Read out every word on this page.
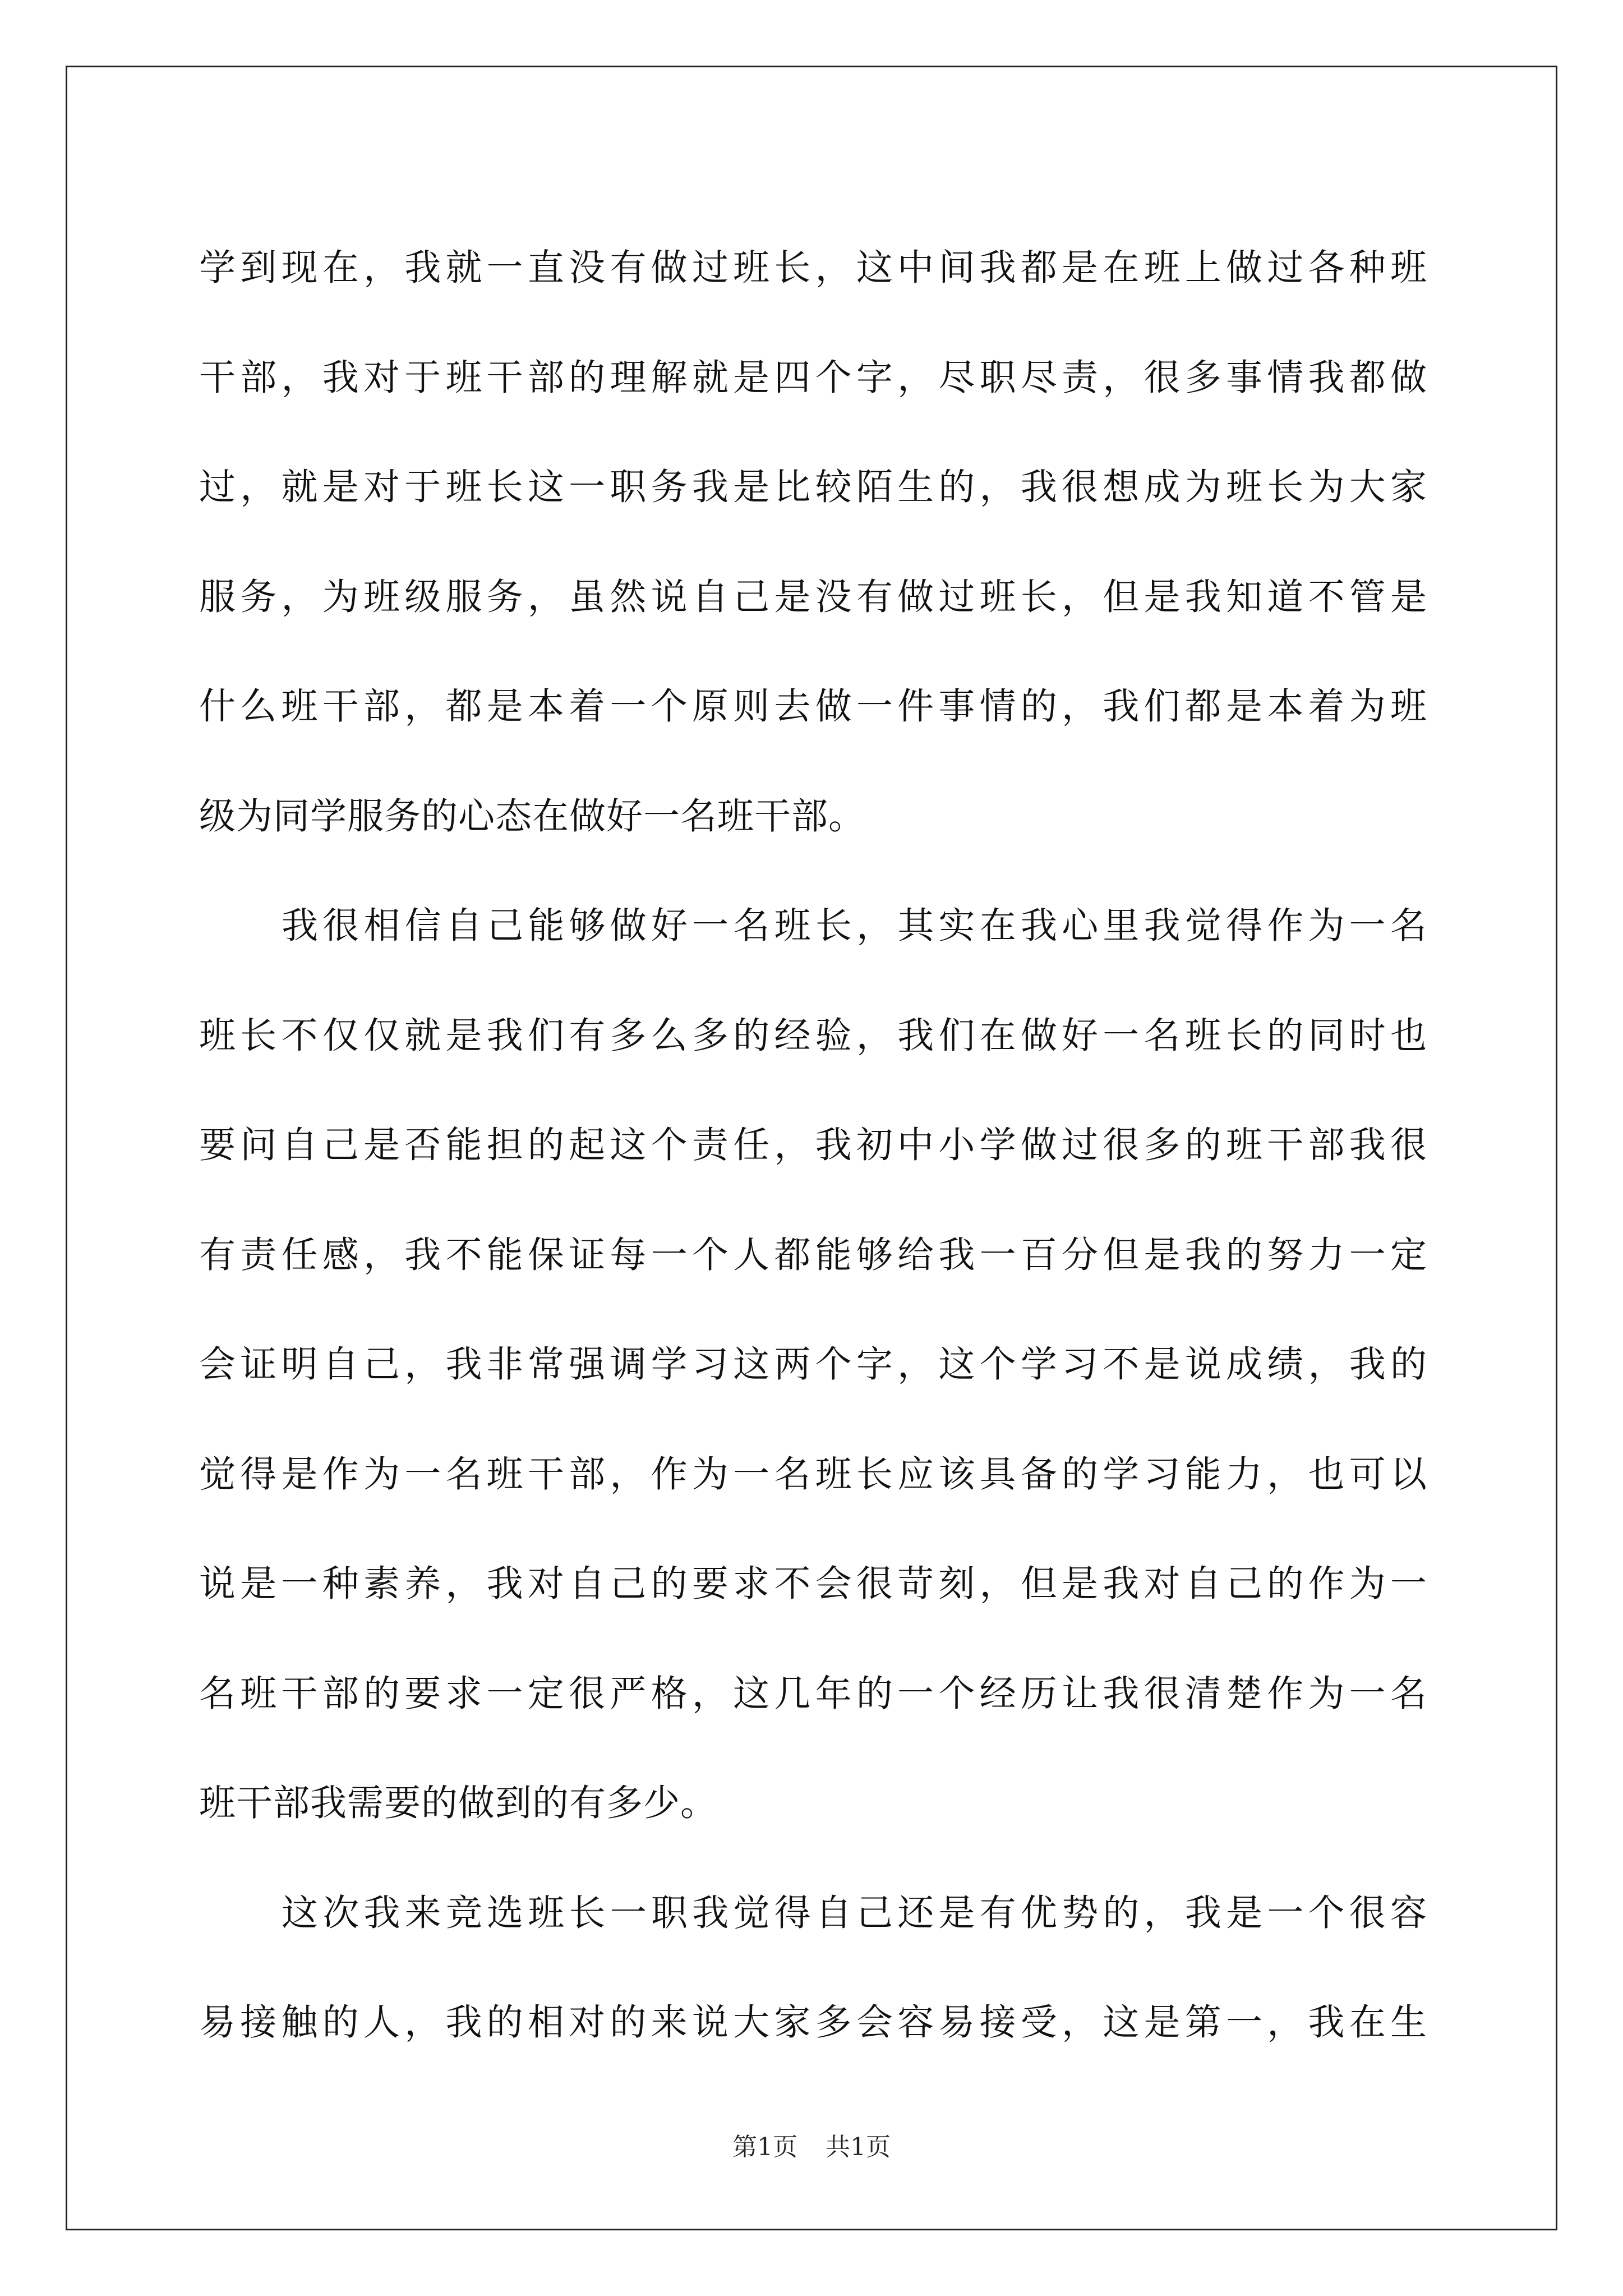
学到现在，我就一直没有做过班长，这中间我都是在班上做过各种班
干部，我对于班干部的理解就是四个字，尽职尽责，很多事情我都做
过，就是对于班长这一职务我是比较陌生的，我很想成为班长为大家
服务，为班级服务，虽然说自己是没有做过班长，但是我知道不管是
什么班干部，都是本着一个原则去做一件事情的，我们都是本着为班
级为同学服务的心态在做好一名班干部。
我很相信自己能够做好一名班长，其实在我心里我觉得作为一名
班长不仅仅就是我们有多么多的经验，我们在做好一名班长的同时也
要问自己是否能担的起这个责任，我初中小学做过很多的班干部我很
有责任感，我不能保证每一个人都能够给我一百分但是我的努力一定
会证明自己，我非常强调学习这两个字，这个学习不是说成绩，我的
觉得是作为一名班干部，作为一名班长应该具备的学习能力，也可以
说是一种素养，我对自己的要求不会很苛刻，但是我对自己的作为一
名班干部的要求一定很严格，这几年的一个经历让我很清楚作为一名
班干部我需要的做到的有多少。
这次我来竞选班长一职我觉得自己还是有优势的，我是一个很容
易接触的人，我的相对的来说大家多会容易接受，这是第一，我在生
第1页 共1页
